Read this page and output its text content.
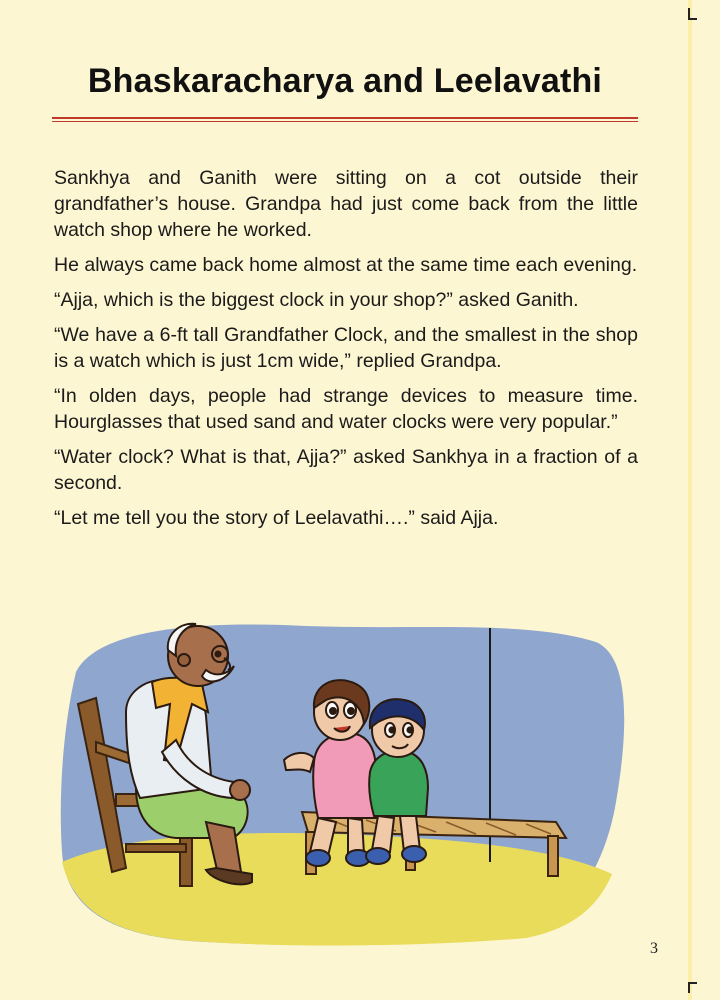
Bhaskaracharya and Leelavathi

Sankhya and Ganith were sitting on a cot outside their grandfather’s house. Grandpa had just come back from the little watch shop where he worked.

He always came back home almost at the same time each evening.

“Ajja, which is the biggest clock in your shop?” asked Ganith.

“We have a 6-ft tall Grandfather Clock, and the smallest in the shop is a watch which is just 1cm wide,” replied Grandpa.

“In olden days, people had strange devices to measure time. Hourglasses that used sand and water clocks were very popular.”

“Water clock? What is that, Ajja?” asked Sankhya in a fraction of a second.

“Let me tell you the story of Leelavathi….” said Ajja.

3
